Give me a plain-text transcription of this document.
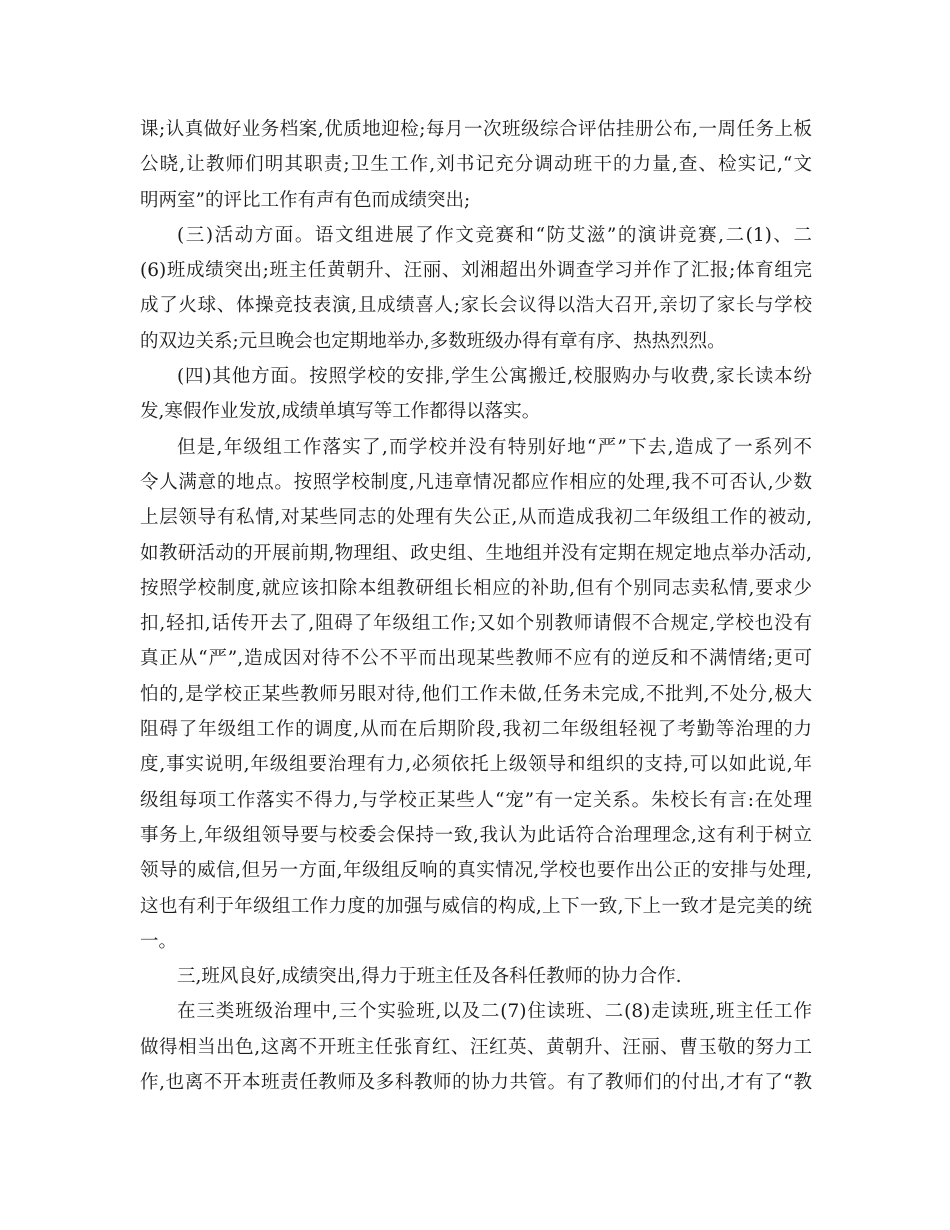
课;认真做好业务档案,优质地迎检;每月一次班级综合评估挂册公布,一周任务上板
公晓,让教师们明其职责;卫生工作,刘书记充分调动班干的力量,查、检实记,“文
明两室”的评比工作有声有色而成绩突出;
(三)活动方面。语文组进展了作文竞赛和“防艾滋”的演讲竞赛,二(1)、二
(6)班成绩突出;班主任黄朝升、汪丽、刘湘超出外调查学习并作了汇报;体育组完
成了火球、体操竞技表演,且成绩喜人;家长会议得以浩大召开,亲切了家长与学校
的双边关系;元旦晚会也定期地举办,多数班级办得有章有序、热热烈烈。
(四)其他方面。按照学校的安排,学生公寓搬迁,校服购办与收费,家长读本纷
发,寒假作业发放,成绩单填写等工作都得以落实。
但是,年级组工作落实了,而学校并没有特别好地“严”下去,造成了一系列不
令人满意的地点。按照学校制度,凡违章情况都应作相应的处理,我不可否认,少数
上层领导有私情,对某些同志的处理有失公正,从而造成我初二年级组工作的被动,
如教研活动的开展前期,物理组、政史组、生地组并没有定期在规定地点举办活动,
按照学校制度,就应该扣除本组教研组长相应的补助,但有个别同志卖私情,要求少
扣,轻扣,话传开去了,阻碍了年级组工作;又如个别教师请假不合规定,学校也没有
真正从“严”,造成因对待不公不平而出现某些教师不应有的逆反和不满情绪;更可
怕的,是学校正某些教师另眼对待,他们工作未做,任务未完成,不批判,不处分,极大
阻碍了年级组工作的调度,从而在后期阶段,我初二年级组轻视了考勤等治理的力
度,事实说明,年级组要治理有力,必须依托上级领导和组织的支持,可以如此说,年
级组每项工作落实不得力,与学校正某些人“宠”有一定关系。朱校长有言:在处理
事务上,年级组领导要与校委会保持一致,我认为此话符合治理理念,这有利于树立
领导的威信,但另一方面,年级组反响的真实情况,学校也要作出公正的安排与处理,
这也有利于年级组工作力度的加强与威信的构成,上下一致,下上一致才是完美的统
一。
三,班风良好,成绩突出,得力于班主任及各科任教师的协力合作.
在三类班级治理中,三个实验班,以及二(7)住读班、二(8)走读班,班主任工作
做得相当出色,这离不开班主任张育红、汪红英、黄朝升、汪丽、曹玉敬的努力工
作,也离不开本班责任教师及多科教师的协力共管。有了教师们的付出,才有了“教
